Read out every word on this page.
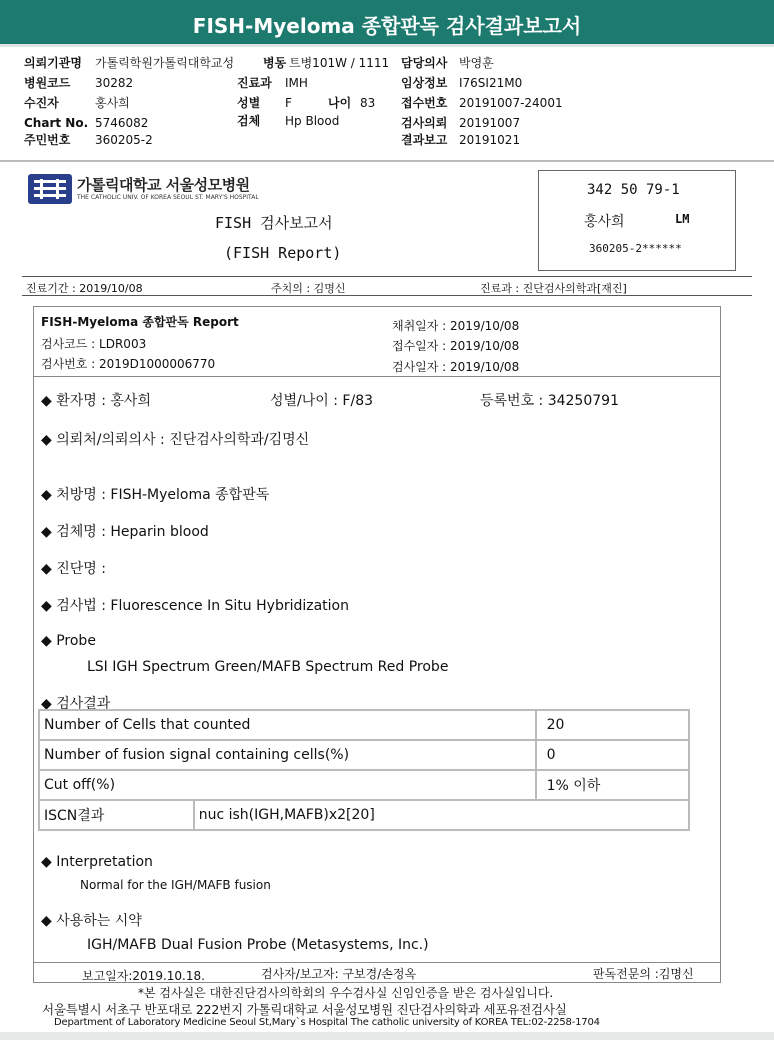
FISH-Myeloma 종합판독 검사결과보고서
의뢰기관명 가톨릭학원가톨릭대학교성 병동 트병101W / 1111 담당의사 박영훈
병원코드 30282	진료과 IMH	임상정보 I76SI21M0
수진자	홍사희	성별 F	나이 83 접수번호 20191007-24001
Chart No. 5746082	검체 Hp Blood	검사의뢰 20191007
주민번호 360205-2	결과보고 20191021
가톨릭대학교 서울성모병원
THE CATHOLIC UNIV. OF KOREA SEOUL ST. MARY'S HOSPITAL
FISH 검사보고서
(FISH Report)
342 50 79-1
홍사희	LM
360205-2******
진료기간 : 2019/10/08	주치의 : 김명신	진료과 : 진단검사의학과[재진]
FISH-Myeloma 종합판독 Report
검사코드 : LDR003
검사번호 : 2019D1000006770
채취일자 : 2019/10/08
접수일자 : 2019/10/08
검사일자 : 2019/10/08
◆ 환자명 : 홍사희	성별/나이 : F/83	등록번호 : 34250791
◆ 의뢰처/의뢰의사 : 진단검사의학과/김명신
◆ 처방명 : FISH-Myeloma 종합판독
◆ 검체명 : Heparin blood
◆ 진단명 :
◆ 검사법 : Fluorescence In Situ Hybridization
◆ Probe
LSI IGH Spectrum Green/MAFB Spectrum Red Probe
◆ 검사결과
Number of Cells that counted		20
Number of fusion signal containing cells(%)		0
Cut off(%)		1% 이하
ISCN결과	nuc ish(IGH,MAFB)x2[20]	
◆ Interpretation
Normal for the IGH/MAFB fusion
◆ 사용하는 시약
IGH/MAFB Dual Fusion Probe (Metasystems, Inc.)
보고일자:2019.10.18.	검사자/보고자: 구보경/손정옥	판독전문의 :김명신
*본 검사실은 대한진단검사의학회의 우수검사실 신임인증을 받은 검사실입니다.
서울특별시 서초구 반포대로 222번지 가톨릭대학교 서울성모병원 진단검사의학과 세포유전검사실
Department of Laboratory Medicine Seoul St,Mary`s Hospital The catholic university of KOREA TEL:02-2258-1704
